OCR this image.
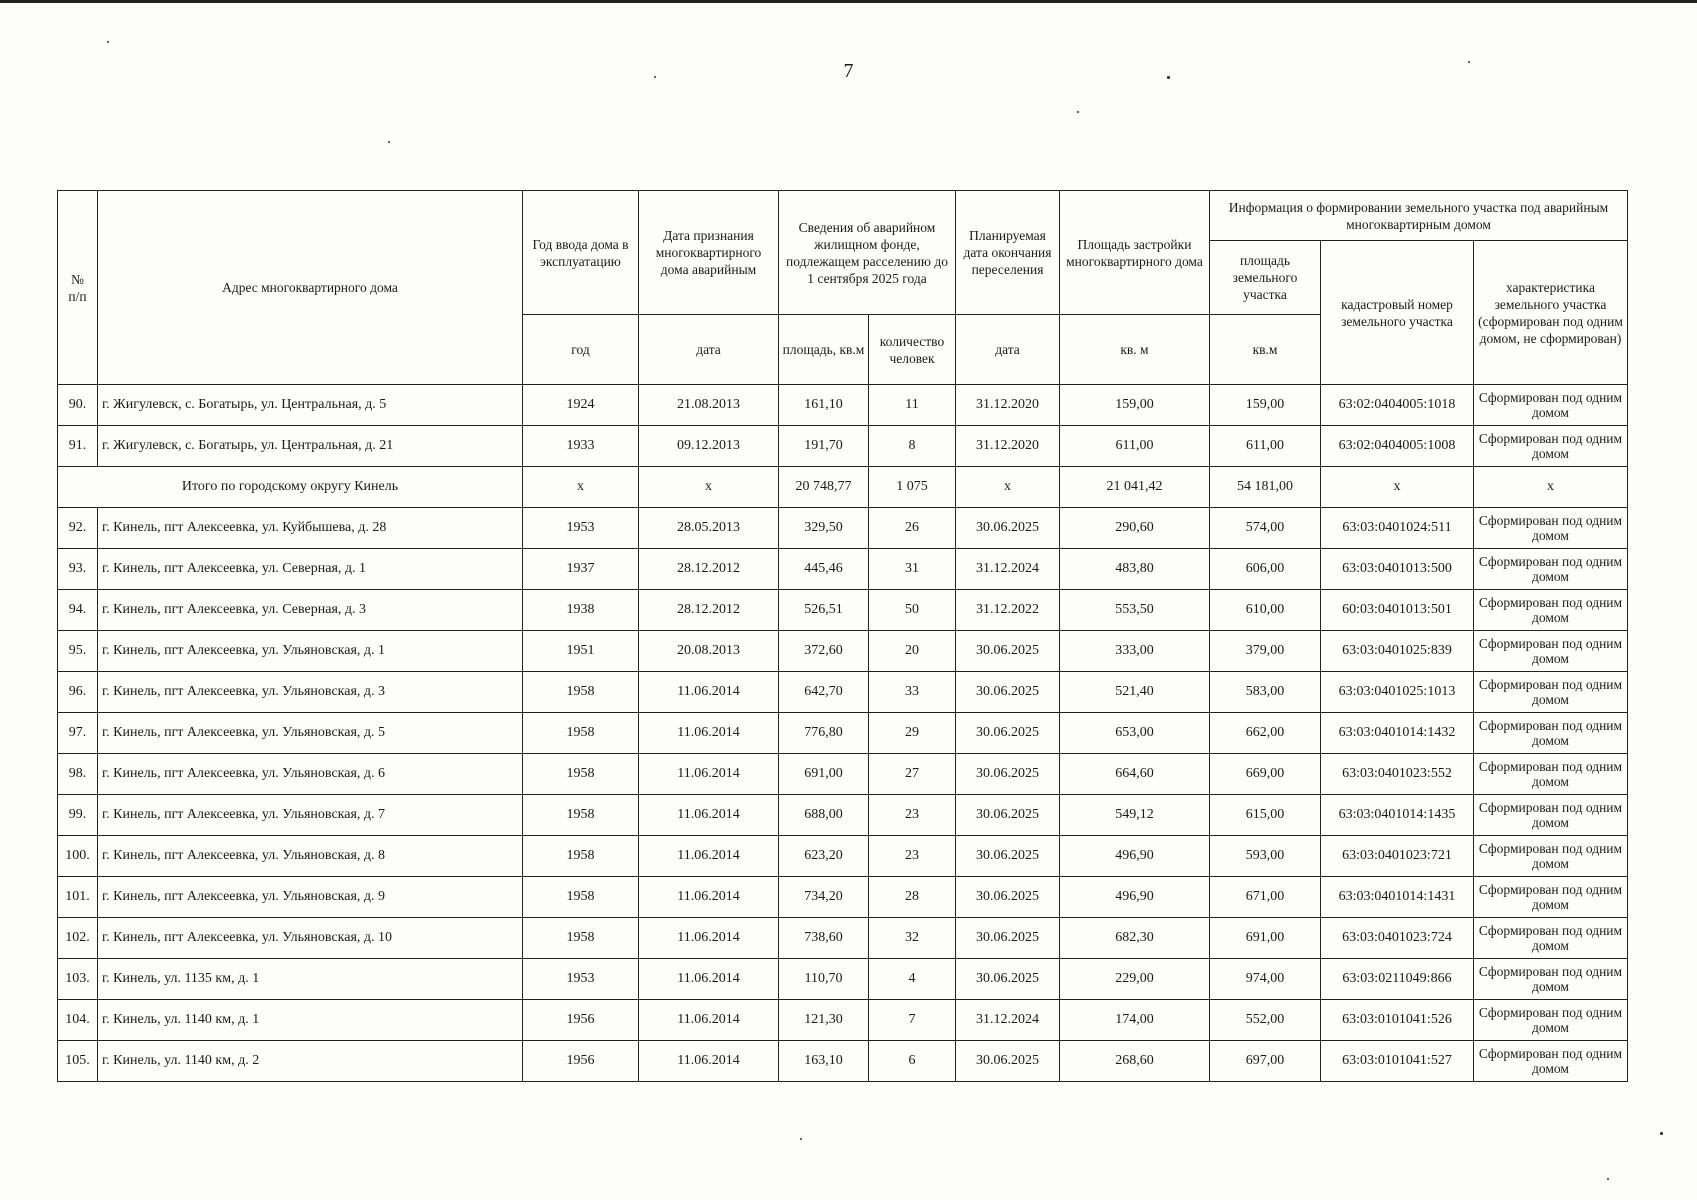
7
№
п/п	Адрес многоквартирного дома	Год ввода дома в эксплуатацию	Дата признания многоквартирного дома аварийным	Сведения об аварийном жилищном фонде, подлежащем расселению до 1 сентября 2025 года		Планируемая дата окончания переселения	Площадь застройки многоквартирного дома	Информация о формировании земельного участка под аварийным многоквартирным домом		
								площадь земельного участка	кадастровый номер земельного участка	характеристика земельного участка (сформирован под одним домом, не сформирован)
		год	дата	площадь, кв.м	количество человек	дата	кв. м	кв.м		
90.	г. Жигулевск, с. Богатырь, ул. Центральная, д. 5	1924	21.08.2013	161,10	11	31.12.2020	159,00	159,00	63:02:0404005:1018	Сформирован под одним домом
91.	г. Жигулевск, с. Богатырь, ул. Центральная, д. 21	1933	09.12.2013	191,70	8	31.12.2020	611,00	611,00	63:02:0404005:1008	Сформирован под одним домом
Итого по городскому округу Кинель		х	х	20 748,77	1 075	х	21 041,42	54 181,00	х	х
92.	г. Кинель, пгт Алексеевка, ул. Куйбышева, д. 28	1953	28.05.2013	329,50	26	30.06.2025	290,60	574,00	63:03:0401024:511	Сформирован под одним домом
93.	г. Кинель, пгт Алексеевка, ул. Северная, д. 1	1937	28.12.2012	445,46	31	31.12.2024	483,80	606,00	63:03:0401013:500	Сформирован под одним домом
94.	г. Кинель, пгт Алексеевка, ул. Северная, д. 3	1938	28.12.2012	526,51	50	31.12.2022	553,50	610,00	60:03:0401013:501	Сформирован под одним домом
95.	г. Кинель, пгт Алексеевка, ул. Ульяновская, д. 1	1951	20.08.2013	372,60	20	30.06.2025	333,00	379,00	63:03:0401025:839	Сформирован под одним домом
96.	г. Кинель, пгт Алексеевка, ул. Ульяновская, д. 3	1958	11.06.2014	642,70	33	30.06.2025	521,40	583,00	63:03:0401025:1013	Сформирован под одним домом
97.	г. Кинель, пгт Алексеевка, ул. Ульяновская, д. 5	1958	11.06.2014	776,80	29	30.06.2025	653,00	662,00	63:03:0401014:1432	Сформирован под одним домом
98.	г. Кинель, пгт Алексеевка, ул. Ульяновская, д. 6	1958	11.06.2014	691,00	27	30.06.2025	664,60	669,00	63:03:0401023:552	Сформирован под одним домом
99.	г. Кинель, пгт Алексеевка, ул. Ульяновская, д. 7	1958	11.06.2014	688,00	23	30.06.2025	549,12	615,00	63:03:0401014:1435	Сформирован под одним домом
100.	г. Кинель, пгт Алексеевка, ул. Ульяновская, д. 8	1958	11.06.2014	623,20	23	30.06.2025	496,90	593,00	63:03:0401023:721	Сформирован под одним домом
101.	г. Кинель, пгт Алексеевка, ул. Ульяновская, д. 9	1958	11.06.2014	734,20	28	30.06.2025	496,90	671,00	63:03:0401014:1431	Сформирован под одним домом
102.	г. Кинель, пгт Алексеевка, ул. Ульяновская, д. 10	1958	11.06.2014	738,60	32	30.06.2025	682,30	691,00	63:03:0401023:724	Сформирован под одним домом
103.	г. Кинель, ул. 1135 км, д. 1	1953	11.06.2014	110,70	4	30.06.2025	229,00	974,00	63:03:0211049:866	Сформирован под одним домом
104.	г. Кинель, ул. 1140 км, д. 1	1956	11.06.2014	121,30	7	31.12.2024	174,00	552,00	63:03:0101041:526	Сформирован под одним домом
105.	г. Кинель, ул. 1140 км, д. 2	1956	11.06.2014	163,10	6	30.06.2025	268,60	697,00	63:03:0101041:527	Сформирован под одним домом
